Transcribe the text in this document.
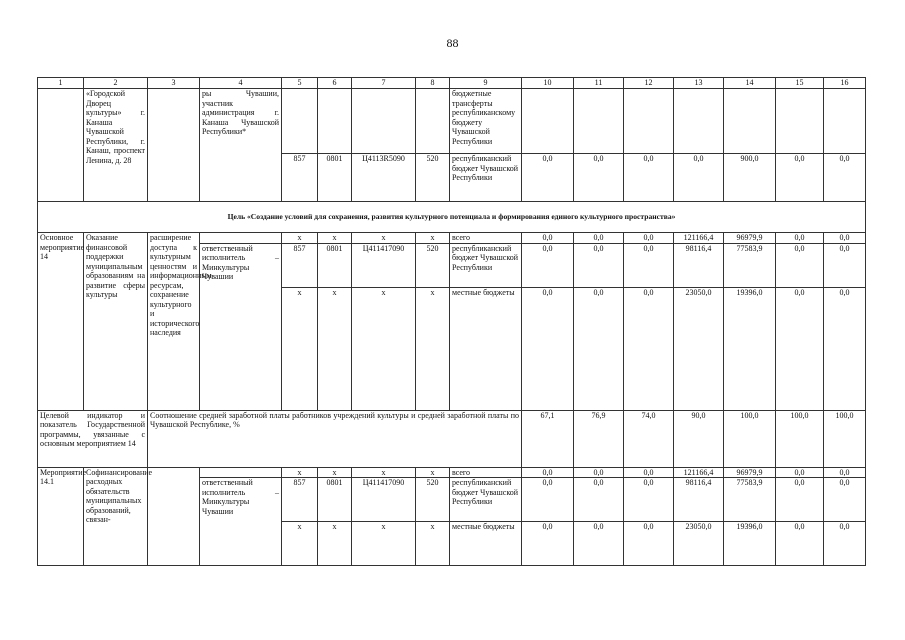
88
1	2	3	4	5	6	7	8	9	10	11	12	13	14	15	16
	«Городской Дворец культуры» г. Канаша Чувашской Республики, г. Канаш, проспект Ленина, д. 28		ры Чувашии, участник администрация г. Канаша Чувашской Республики*					бюджетные трансферты республиканскому бюджету Чувашской Республики							
				857	0801	Ц4113R5090	520	республиканский бюджет Чувашской Республики	0,0	0,0	0,0	0,0	900,0	0,0	0,0
Цель «Создание условий для сохранения, развития культурного потенциала и формирования единого культурного пространства»															
Основное мероприятие 14	Оказание финансовой поддержки муниципальным образованиям на развитие сферы культуры	расширение доступа к культурным ценностям и информационным ресурсам, сохранение культурного и исторического наследия		x	x	x	x	всего	0,0	0,0	0,0	121166,4	96979,9	0,0	0,0
			ответственный исполнитель – Минкультуры Чувашии	857	0801	Ц411417090	520	республиканский бюджет Чувашской Республики	0,0	0,0	0,0	98116,4	77583,9	0,0	0,0
				x	x	x	x	местные бюджеты	0,0	0,0	0,0	23050,0	19396,0	0,0	0,0
Целевой индикатор и показатель Государственной программы, увязанные с основным мероприятием 14		Соотношение средней заработной платы работников учреждений культуры и средней заработной платы по Чувашской Республике, %							67,1	76,9	74,0	90,0	100,0	100,0	100,0
Мероприятие 14.1	Софинансирование расходных обязательств муниципальных образований, связан-			x	x	x	x	всего	0,0	0,0	0,0	121166,4	96979,9	0,0	0,0
			ответственный исполнитель – Минкультуры Чувашии	857	0801	Ц411417090	520	республиканский бюджет Чувашской Республики	0,0	0,0	0,0	98116,4	77583,9	0,0	0,0
				x	x	x	x	местные бюджеты	0,0	0,0	0,0	23050,0	19396,0	0,0	0,0
